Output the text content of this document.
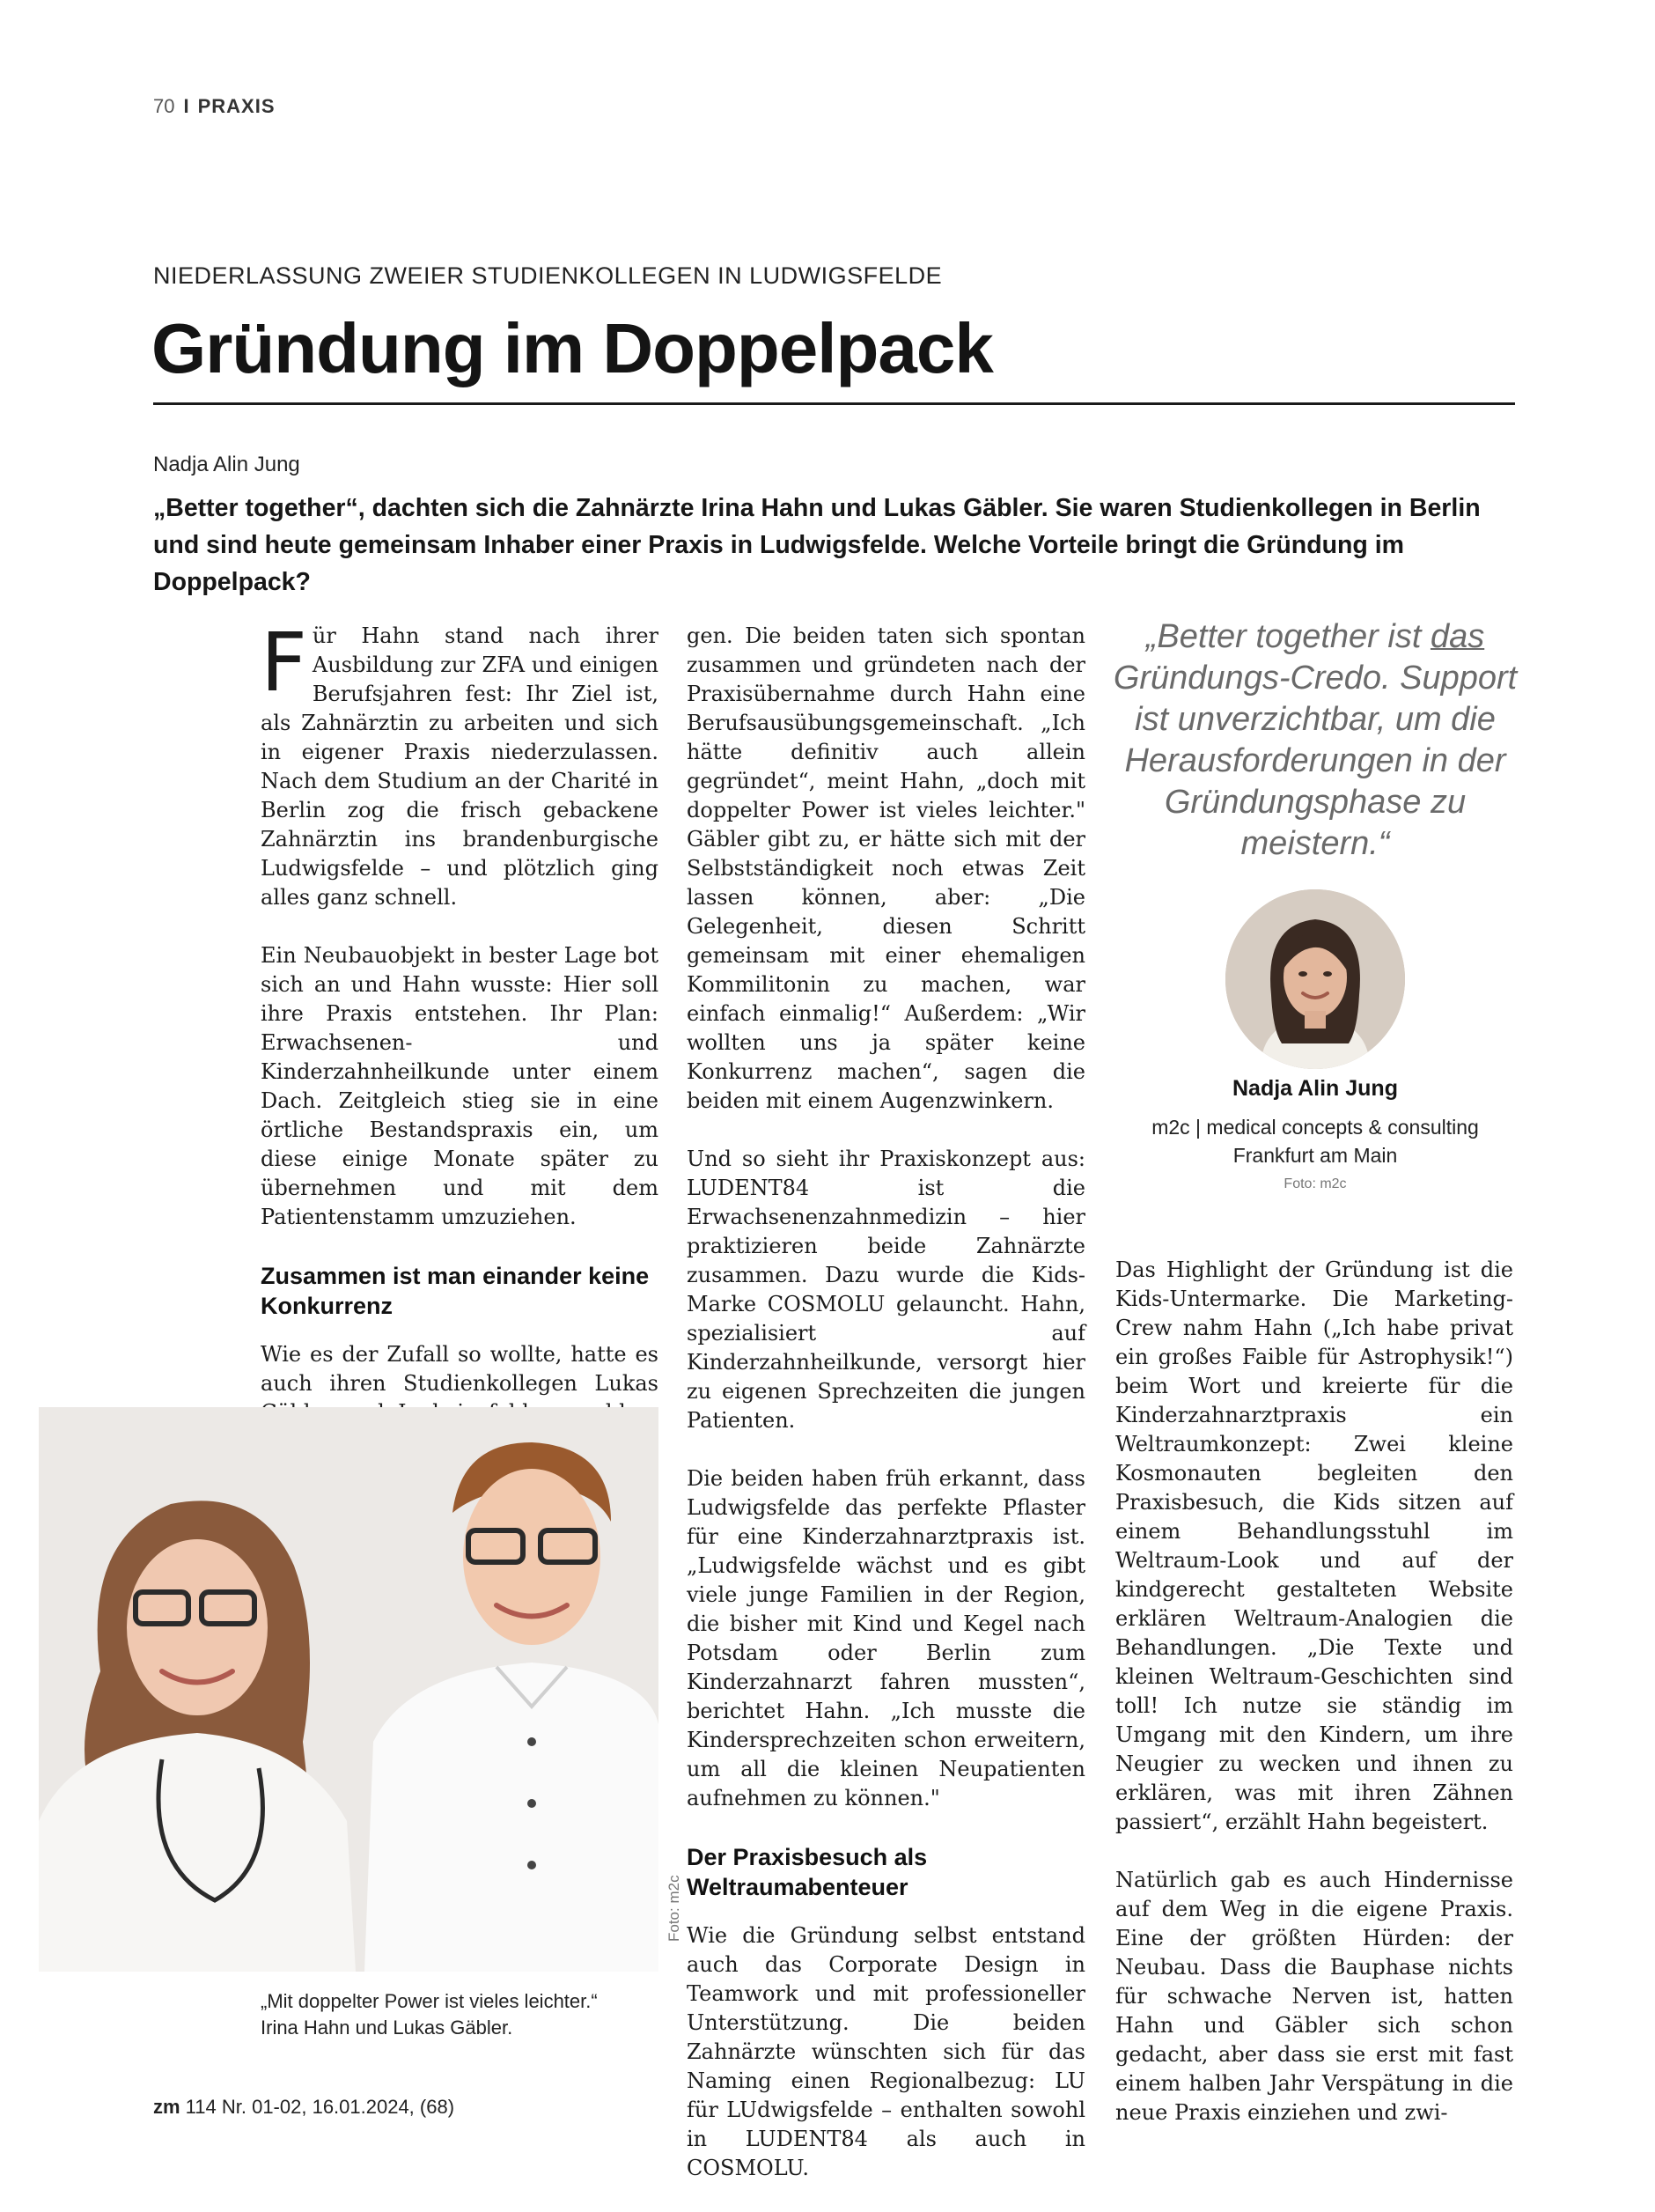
70 I PRAXIS
NIEDERLASSUNG ZWEIER STUDIENKOLLEGEN IN LUDWIGSFELDE
Gründung im Doppelpack
Nadja Alin Jung
„Better together“, dachten sich die Zahnärzte Irina Hahn und Lukas Gäbler. Sie waren Studienkollegen in Berlin und sind heute gemeinsam Inhaber einer Praxis in Ludwigsfelde. Welche Vorteile bringt die Gründung im Doppelpack?

Für Hahn stand nach ihrer Ausbildung zur ZFA und einigen Berufsjahren fest: Ihr Ziel ist, als Zahnärztin zu arbeiten und sich in eigener Praxis niederzulassen. Nach dem Studium an der Charité in Berlin zog die frisch gebackene Zahnärztin ins brandenburgische Ludwigsfelde – und plötzlich ging alles ganz schnell.

Ein Neubauobjekt in bester Lage bot sich an und Hahn wusste: Hier soll ihre Praxis entstehen. Ihr Plan: Erwachsenen- und Kinderzahnheilkunde unter einem Dach. Zeitgleich stieg sie in eine örtliche Bestandspraxis ein, um diese einige Monate später zu übernehmen und mit dem Patientenstamm umzuziehen.

Zusammen ist man einander keine Konkurrenz

Wie es der Zufall so wollte, hatte es auch ihren Studienkollegen Lukas

gen. Die beiden taten sich spontan zusammen und gründeten nach der Praxisübernahme durch Hahn eine Berufsausübungsgemeinschaft. „Ich hätte definitiv auch allein gegründet“, meint Hahn, „doch mit doppelter Power ist vieles leichter." Gäbler gibt zu, er hätte sich mit der Selbstständigkeit noch etwas Zeit lassen können, aber: „Die Gelegenheit, diesen Schritt gemeinsam mit einer ehemaligen Kommilitonin zu machen, war einfach einmalig!“ Außerdem: „Wir wollten uns ja später keine Konkurrenz machen“, sagen die beiden mit einem Augenzwinkern.

Und so sieht ihr Praxiskonzept aus: LUDENT84 ist die Erwachsenenzahnmedizin – hier praktizieren beide Zahnärzte zusammen. Dazu wurde die Kids-Marke COSMOLU gelauncht. Hahn, spezialisiert auf Kinderzahnheilkunde, versorgt hier zu eigenen Sprechzeiten die jungen Patienten.

Die beiden haben früh erkannt, dass Ludwigsfelde das perfekte Pflaster für eine Kinderzahnarztpraxis ist. „Ludwigsfelde wächst und es gibt viele junge Familien in der Region, die bisher mit Kind und Kegel nach Potsdam oder Berlin zum Kinderzahnarzt fahren mussten“, berichtet Hahn. „Ich musste die Kindersprechzeiten schon erweitern, um all die kleinen Neupatienten aufnehmen zu können."

Der Praxisbesuch als Weltraumabenteuer

Wie die Gründung selbst entstand auch das Corporate Design in Teamwork und mit professioneller Unterstützung. Die beiden Zahnärzte wünschten sich für das Naming einen Regionalbezug: LU für LUdwigsfelde – enthalten sowohl in LUDENT84 als auch in COSMOLU.

„Better together ist das Gründungs-Credo. Support ist unverzichtbar, um die Herausforderungen in der Gründungsphase zu meistern.“
Nadja Alin Jung
m2c | medical concepts & consulting
Frankfurt am Main
Foto: m2c

Das Highlight der Gründung ist die Kids-Untermarke. Die Marketing-Crew nahm Hahn („Ich habe privat ein großes Faible für Astrophysik!“) beim Wort und kreierte für die Kinderzahnarztpraxis ein Weltraumkonzept: Zwei kleine Kosmonauten begleiten den Praxisbesuch, die Kids sitzen auf einem Behandlungsstuhl im Weltraum-Look und auf der kindgerecht gestalteten Website erklären Weltraum-Analogien die Behandlungen. „Die Texte und kleinen Weltraum-Geschichten sind toll! Ich nutze sie ständig im Umgang mit den Kindern, um ihre Neugier zu wecken und ihnen zu erklären, was mit ihren Zähnen passiert“, erzählt Hahn begeistert.

Natürlich gab es auch Hindernisse auf dem Weg in die eigene Praxis. Eine der größten Hürden: der Neubau. Dass die Bauphase nichts für schwache Nerven ist, hatten Hahn und Gäbler sich schon gedacht, aber dass sie erst mit fast einem halben Jahr Verspätung in die neue Praxis einziehen und zwi-

Foto: m2c
„Mit doppelter Power ist vieles leichter.“
Irina Hahn und Lukas Gäbler.
zm 114 Nr. 01-02, 16.01.2024, (68)
